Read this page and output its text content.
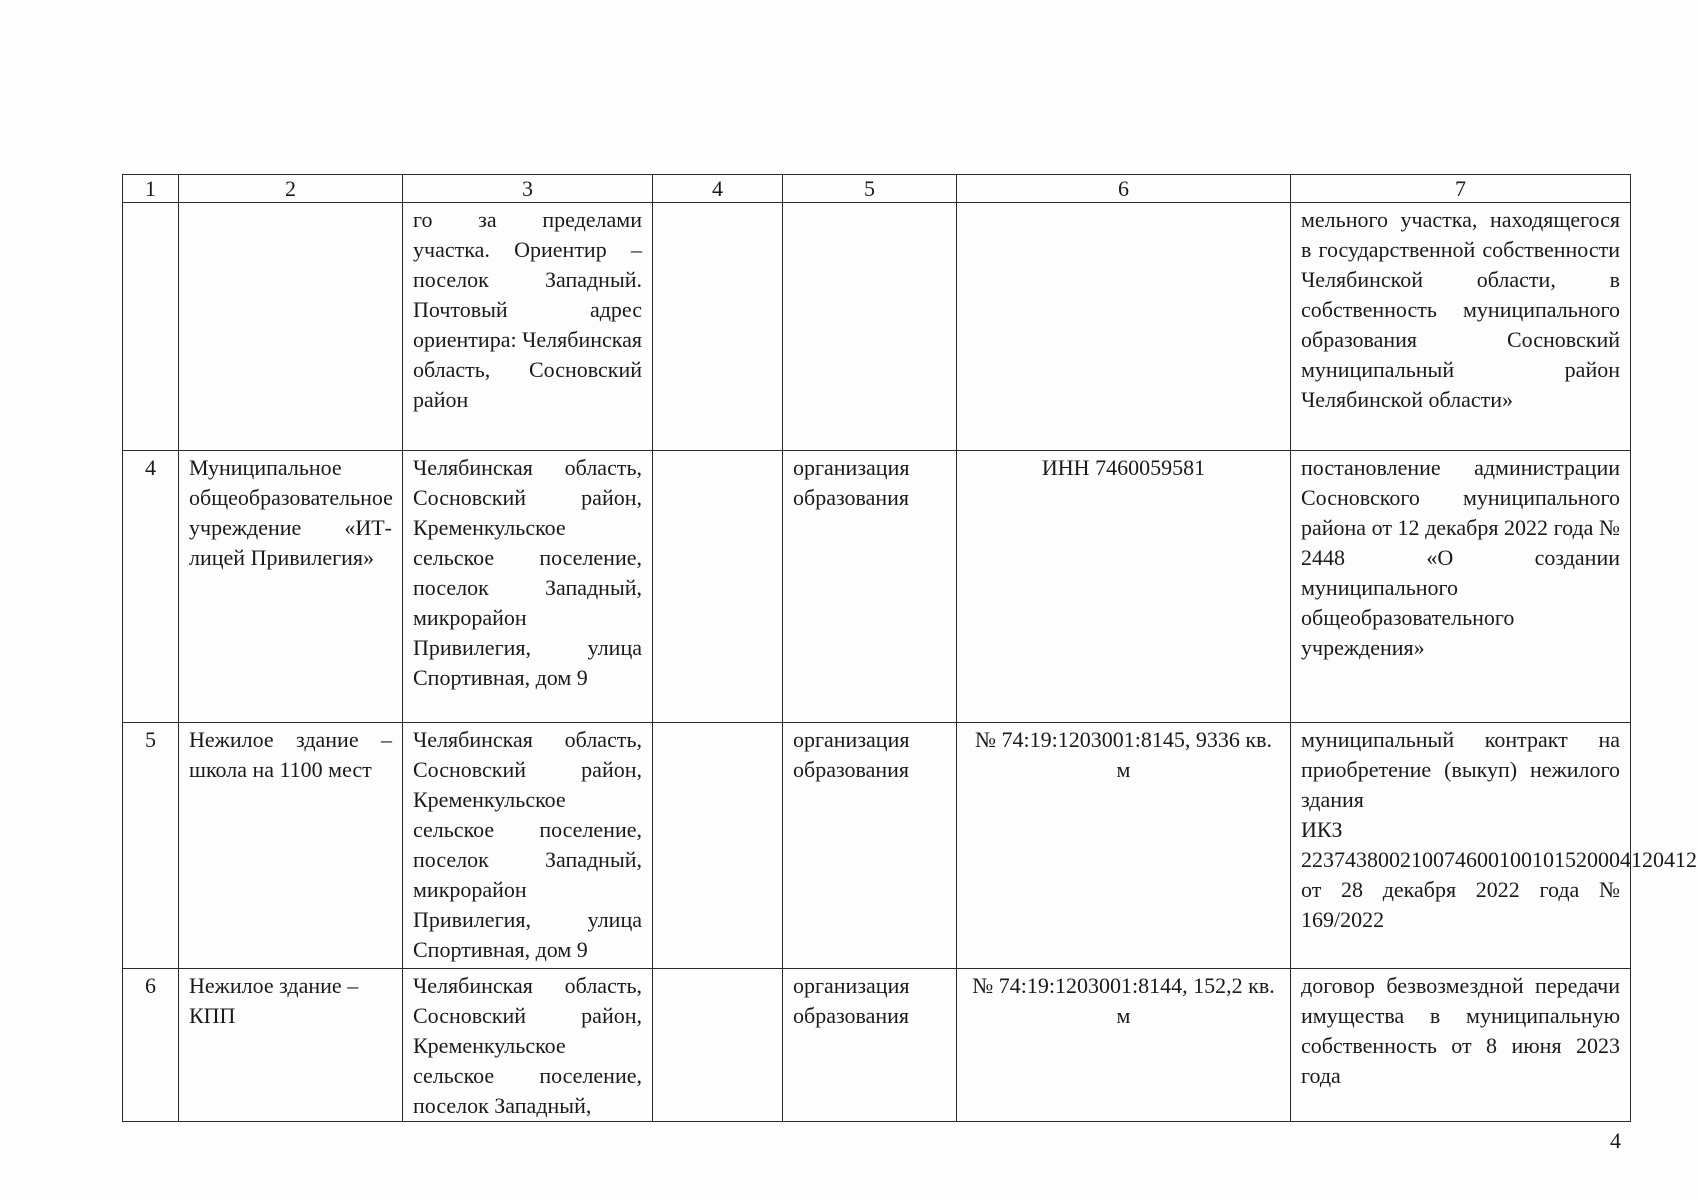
1	2	3	4	5	6	7
		го за пределами участка. Ориентир – поселок Западный. Почтовый адрес ориентира: Челябинская область, Сосновский район				мельного участка, находящегося в государственной собственности Челябинской области, в собственность муниципального образования Сосновский муниципальный район Челябинской области»
4	Муниципальное общеобразовательное учреждение «ИТ-лицей Привилегия»	Челябинская область, Сосновский район, Кременкульское сельское поселение, поселок Западный, микрорайон Привилегия, улица Спортивная, дом 9		организация образования	ИНН 7460059581	постановление администрации Сосновского муниципального района от 12 декабря 2022 года № 2448 «О создании муниципального общеобразовательного учреждения»
5	Нежилое здание – школа на 1100 мест	Челябинская область, Сосновский район, Кременкульское сельское поселение, поселок Западный, микрорайон Привилегия, улица Спортивная, дом 9		организация образования	№ 74:19:1203001:8145, 9336 кв. м	муниципальный контракт на приобретение (выкуп) нежилого здания
ИКЗ 223743800210074600100101520004120412
от 28 декабря 2022 года № 169/2022
6	Нежилое здание – КПП	Челябинская область, Сосновский район, Кременкульское сельское поселение, поселок Западный,		организация образования	№ 74:19:1203001:8144, 152,2 кв. м	договор безвозмездной передачи имущества в муниципальную собственность от 8 июня 2023 года
4
